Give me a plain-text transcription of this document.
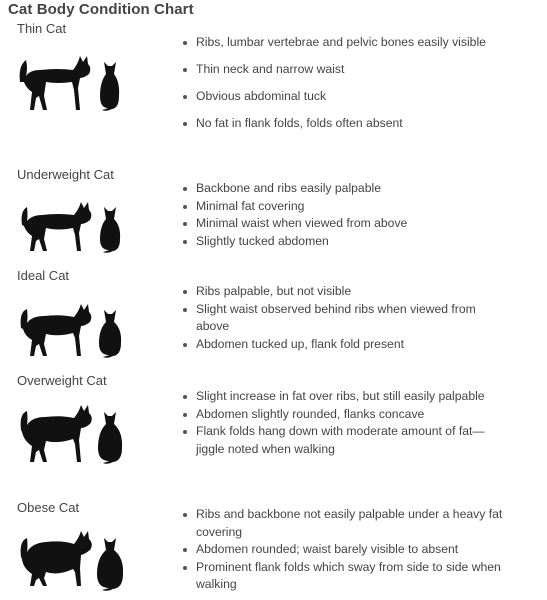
Cat Body Condition Chart
Thin Cat
Ribs, lumbar vertebrae and pelvic bones easily visible
Thin neck and narrow waist
Obvious abdominal tuck
No fat in flank folds, folds often absent
Underweight Cat
Backbone and ribs easily palpable
Minimal fat covering
Minimal waist when viewed from above
Slightly tucked abdomen
Ideal Cat
Ribs palpable, but not visible
Slight waist observed behind ribs when viewed from above
Abdomen tucked up, flank fold present
Overweight Cat
Slight increase in fat over ribs, but still easily palpable
Abdomen slightly rounded, flanks concave
Flank folds hang down with moderate amount of fat—jiggle noted when walking
Obese Cat	Ribs and backbone not easily palpable under a heavy fat covering
Abdomen rounded; waist barely visible to absent
Prominent flank folds which sway from side to side when walking
